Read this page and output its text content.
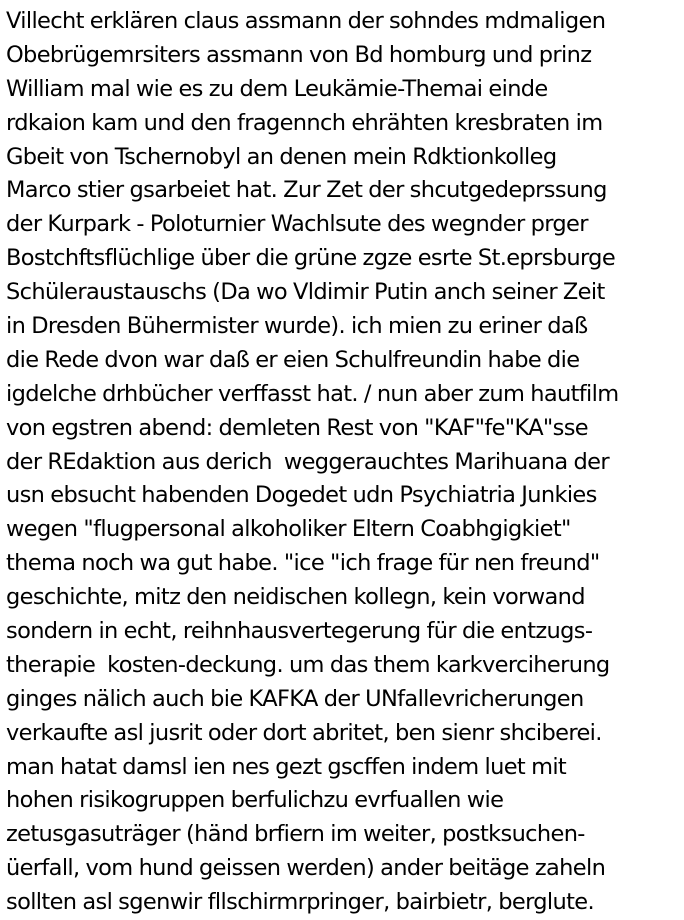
Villecht erklären claus assmann der sohndes mdmaligen
Obebrügemrsiters assmann von Bd homburg und prinz
William mal wie es zu dem Leukämie-Themai einde
rdkaion kam und den fragennch ehrähten kresbraten im
Gbeit von Tschernobyl an denen mein Rdktionkolleg
Marco stier gsarbeiet hat. Zur Zet der shcutgedeprssung
der Kurpark - Poloturnier Wachlsute des wegnder prger
Bostchftsflüchlige über die grüne zgze esrte St.eprsburge
Schüleraustauschs (Da wo Vldimir Putin anch seiner Zeit
in Dresden Bühermister wurde). ich mien zu eriner daß
die Rede dvon war daß er eien Schulfreundin habe die
igdelche drhbücher verffasst hat. / nun aber zum hautfilm
von egstren abend: demleten Rest von "KAF"fe"KA"sse
der REdaktion aus derich  weggerauchtes Marihuana der
usn ebsucht habenden Dogedet udn Psychiatria Junkies
wegen "flugpersonal alkoholiker Eltern Coabhgigkiet"
thema noch wa gut habe. "ice "ich frage für nen freund"
geschichte, mitz den neidischen kollegn, kein vorwand
sondern in echt, reihnhausvertegerung für die entzugs-
therapie  kosten-deckung. um das them karkverciherung
ginges nälich auch bie KAFKA der UNfallevricherungen
verkaufte asl jusrit oder dort abritet, ben sienr shciberei.
man hatat damsl ien nes gezt gscffen indem luet mit
hohen risikogruppen berfulichzu evrfuallen wie
zetusgasuträger (händ brfiern im weiter, postksuchen-
üerfall, vom hund geissen werden) ander beitäge zaheln
sollten asl sgenwir fllschirmrpringer, bairbietr, berglute.
